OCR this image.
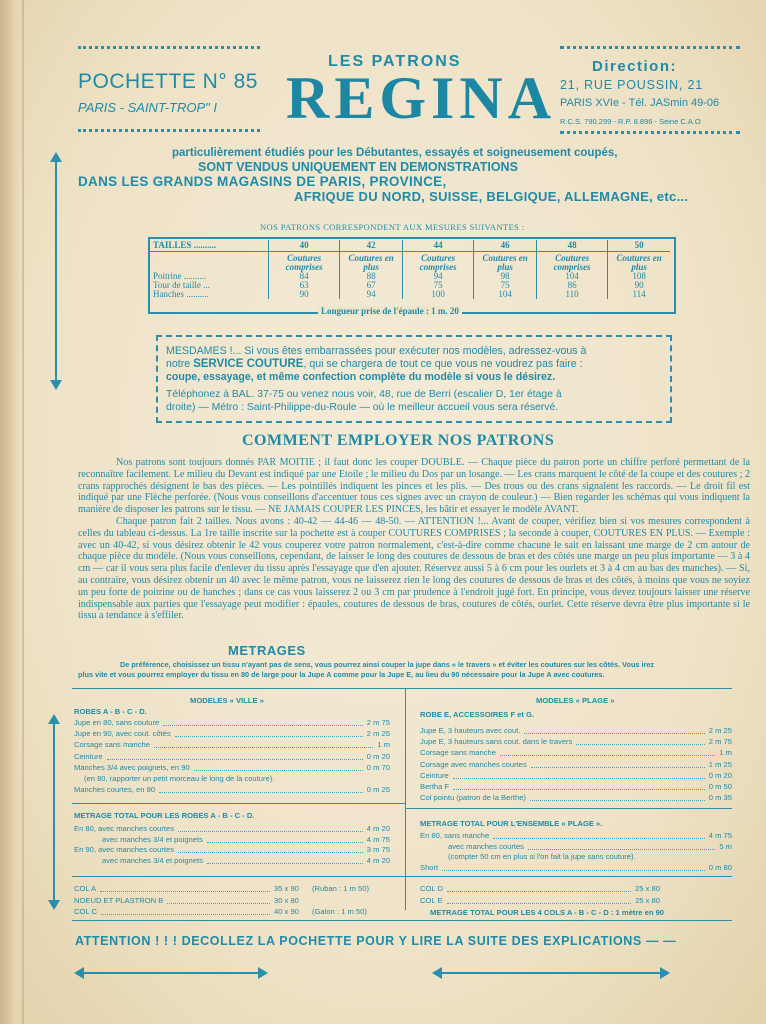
POCHETTE N° 85
PARIS - SAINT-TROP" I
LES PATRONS
REGINA Direction:
21, RUE POUSSIN, 21
PARIS XVIe - Tél. JASmin 49-06
R.C.S. 790.299 - R.P. 8.896 - Seine C.A.O
particulièrement étudiés pour les Débutantes, essayés et soigneusement coupés,
SONT VENDUS UNIQUEMENT EN DEMONSTRATIONS
DANS LES GRANDS MAGASINS DE PARIS, PROVINCE,
AFRIQUE DU NORD, SUISSE, BELGIQUE, ALLEMAGNE, etc...
NOS PATRONS CORRESPONDENT AUX MESURES SUIVANTES :
TAILLES ..........	40	42	44	46	48	50
	Coutures comprises	Coutures en plus	Coutures comprises	Coutures en plus	Coutures comprises	Coutures en plus
Poitrine ..........	84	88	94	98	104	108
Tour de taille ...	63	67	75	75	86	90
Hanches ..........	90	94	100	104	110	114
Longueur prise de l'épaule : 1 m. 20
MESDAMES !... Si vous êtes embarrassées pour exécuter nos modèles, adressez-vous à
notre SERVICE COUTURE, qui se chargera de tout ce que vous ne voudrez pas faire :
coupe, essayage, et même confection complète du modèle si vous le désirez.
Téléphonez à BAL. 37-75 ou venez nous voir, 48, rue de Berri (escalier D, 1er étage à
droite) — Métro : Saint-Philippe-du-Roule — où le meilleur accueil vous sera réservé.
COMMENT EMPLOYER NOS PATRONS

Nos patrons sont toujours donnés PAR MOITIE ; il faut donc les couper DOUBLE. — Chaque pièce du patron porte un chiffre perforé permettant de la reconnaître facilement. Le milieu du Devant est indiqué par une Etoile ; le milieu du Dos par un losange. — Les crans marquent le côté de la coupe et des coutures ; 2 crans rapprochés désignent le bas des pièces. — Les pointillés indiquent les pinces et les plis. — Des trous ou des crans signalent les raccords. — Le droit fil est indiqué par une Flèche perforée. (Nous vous conseillons d'accentuer tous ces signes avec un crayon de couleur.) — Bien regarder les schémas qui vous indiquent la manière de disposer les patrons sur le tissu. — NE JAMAIS COUPER LES PINCES, les bâtir et essayer le modèle AVANT.

Chaque patron fait 2 tailles. Nous avons : 40-42 — 44-46 — 48-50. — ATTENTION !... Avant de couper, vérifiez bien si vos mesures correspondent à celles du tableau ci-dessus. La 1re taille inscrite sur la pochette est à couper COUTURES COMPRISES ; la seconde à couper, COUTURES EN PLUS. — Exemple : avec un 40-42, si vous désirez obtenir le 42 vous couperez votre patron normalement, c'est-à-dire comme chacune le sait en laissant une marge de 2 cm autour de chaque pièce du modèle. (Nous vous conseillons, cependant, de laisser le long des coutures de dessous de bras et des côtés une marge un peu plus importante — 3 à 4 cm — car il vous sera plus facile d'enlever du tissu après l'essayage que d'en ajouter. Réservez aussi 5 à 6 cm pour les ourlets et 3 à 4 cm au bas des manches). — Si, au contraire, vous désirez obtenir un 40 avec le même patron, vous ne laisserez rien le long des coutures de dessous de bras et des côtés, à moins que vous ne soyiez un peu forte de poitrine ou de hanches ; dans ce cas vous laisserez 2 ou 3 cm par prudence à l'endroit jugé fort. En principe, vous devez toujours laisser une réserve indispensable aux parties que l'essayage peut modifier : épaules, coutures de dessous de bras, coutures de côtés, ourlet. Cette réserve devra être plus importante si le tissu a tendance à s'effiler.

METRAGES
De préférence, choisissez un tissu n'ayant pas de sens, vous pourrez ainsi couper la jupe dans « le travers » et éviter les coutures sur les côtés. Vous irez
plus vite et vous pourrez employer du tissu en 80 de large pour la Jupe A comme pour la Jupe E, au lieu du 90 nécessaire pour la Jupe A avec coutures.
MODELES « VILLE »
ROBES A - B - C - D.
Jupe en 80, sans couture	2 m 75
Jupe en 90, avec cout. côtés	2 m 25
Corsage sans manche	1 m
Ceinture	0 m 20
Manches 3/4 avec poignets, en 90	0 m 70
(en 80, rapporter un petit morceau le long de la couture).
Manches courtes, en 80	0 m 25
METRAGE TOTAL POUR LES ROBES A - B - C - D.
En 80, avec manches courtes	4 m 20
avec manches 3/4 et poignets	4 m 75
En 90, avec manches courtes	3 m 75
avec manches 3/4 et poignets	4 m 20
MODELES « PLAGE »
ROBE E, ACCESSOIRES F et G.
Jupe E, 3 hauteurs avec cout.	2 m 25
Jupe E, 3 hauteurs sans cout. dans le travers	2 m 75
Corsage sans manche	1 m
Corsage avec manches courtes	1 m 25
Ceinture	0 m 20
Bertha F	0 m 50
Col pointu (patron de la Berthe)	0 m 35
METRAGE TOTAL POUR L'ENSEMBLE « PLAGE ».
En 80, sans manche	4 m 75
avec manches courtes	5 m
(compter 50 cm en plus si l'on fait la jupe sans couture).
Short	0 m 80
COL A	35 x 90 (Ruban : 1 m 50)
NOEUD ET PLASTRON B	30 x 80
COL C	40 x 90 (Galon : 1 m 50)
COL D	25 x 80
COL E	25 x 80
METRAGE TOTAL POUR LES 4 COLS A - B - C - D : 1 mètre en 90
ATTENTION ! ! ! DECOLLEZ LA POCHETTE POUR Y LIRE LA SUITE DES EXPLICATIONS — —
